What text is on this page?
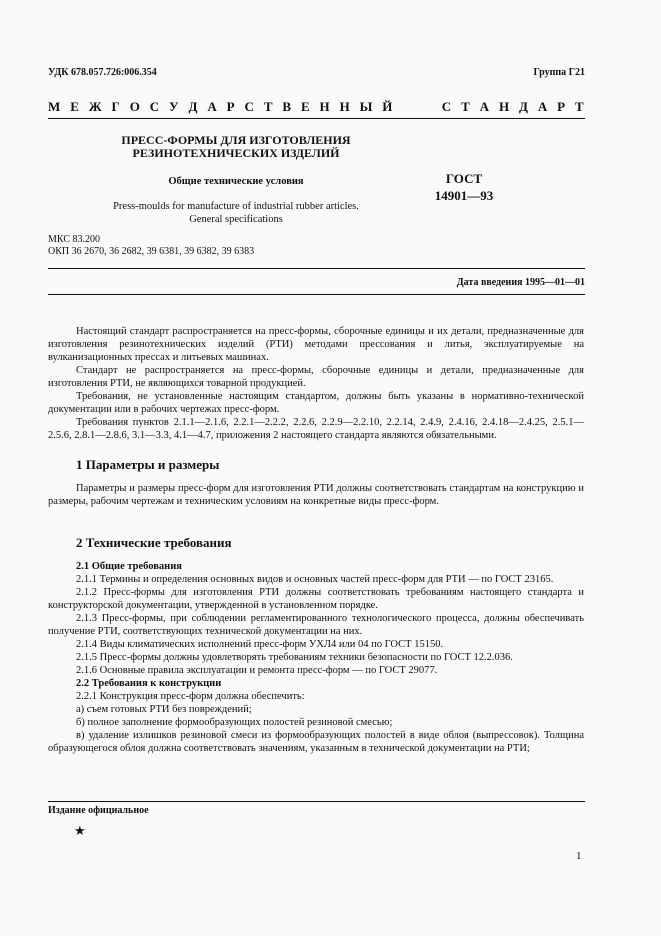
УДК 678.057.726:006.354	Группа Г21
М Е Ж Г О С У Д А Р С Т В Е Н Н Ы Й

	С Т А Н Д А Р Т
ПРЕСС-ФОРМЫ ДЛЯ ИЗГОТОВЛЕНИЯ РЕЗИНОТЕХНИЧЕСКИХ ИЗДЕЛИЙ
Общие технические условия
Press-moulds for manufacture of industrial rubber articles. General specifications
ГОСТ
14901—93
МКС 83.200
ОКП 36 2670, 36 2682, 39 6381, 39 6382, 39 6383
Дата введения 1995—01—01

Настоящий стандарт распространяется на пресс-формы, сборочные единицы и их детали, предназначенные для изготовления резинотехнических изделий (РТИ) методами прессования и литья, эксплуатируемые на вулканизационных прессах и литьевых машинах.

Стандарт не распространяется на пресс-формы, сборочные единицы и детали, предназначенные для изготовления РТИ, не являющихся товарной продукцией.

Требования, не установленные настоящим стандартом, должны быть указаны в нормативно-технической документации или в рабочих чертежах пресс-форм.

Требования пунктов 2.1.1—2.1.6, 2.2.1—2.2.2, 2.2.6, 2.2.9—2.2.10, 2.2.14, 2.4.9, 2.4.16, 2.4.18—2.4.25, 2.5.1—2.5.6, 2.8.1—2.8.6, 3.1—3.3, 4.1—4.7, приложения 2 настоящего стандарта являются обязательными.

1 Параметры и размеры

Параметры и размеры пресс-форм для изготовления РТИ должны соответствовать стандартам на конструкцию и размеры, рабочим чертежам и техническим условиям на конкретные виды пресс-форм.

2 Технические требования

2.1 Общие требования

2.1.1 Термины и определения основных видов и основных частей пресс-форм для РТИ — по ГОСТ 23165.

2.1.2 Пресс-формы для изготовления РТИ должны соответствовать требованиям настоящего стандарта и конструкторской документации, утвержденной в установленном порядке.

2.1.3 Пресс-формы, при соблюдении регламентированного технологического процесса, должны обеспечивать получение РТИ, соответствующих технической документации на них.

2.1.4 Виды климатических исполнений пресс-форм УХЛ4 или 04 по ГОСТ 15150.

2.1.5 Пресс-формы должны удовлетворять требованиям техники безопасности по ГОСТ 12.2.036.

2.1.6 Основные правила эксплуатации и ремонта пресс-форм — по ГОСТ 29077.

2.2 Требования к конструкции

2.2.1 Конструкция пресс-форм должна обеспечить:

а) съем готовых РТИ без повреждений;

б) полное заполнение формообразующих полостей резиновой смесью;

в) удаление излишков резиновой смеси из формообразующих полостей в виде облоя (выпрессовок). Толщина образующегося облоя должна соответствовать значениям, указанным в технической документации на РТИ;

Издание официальное
★
1
